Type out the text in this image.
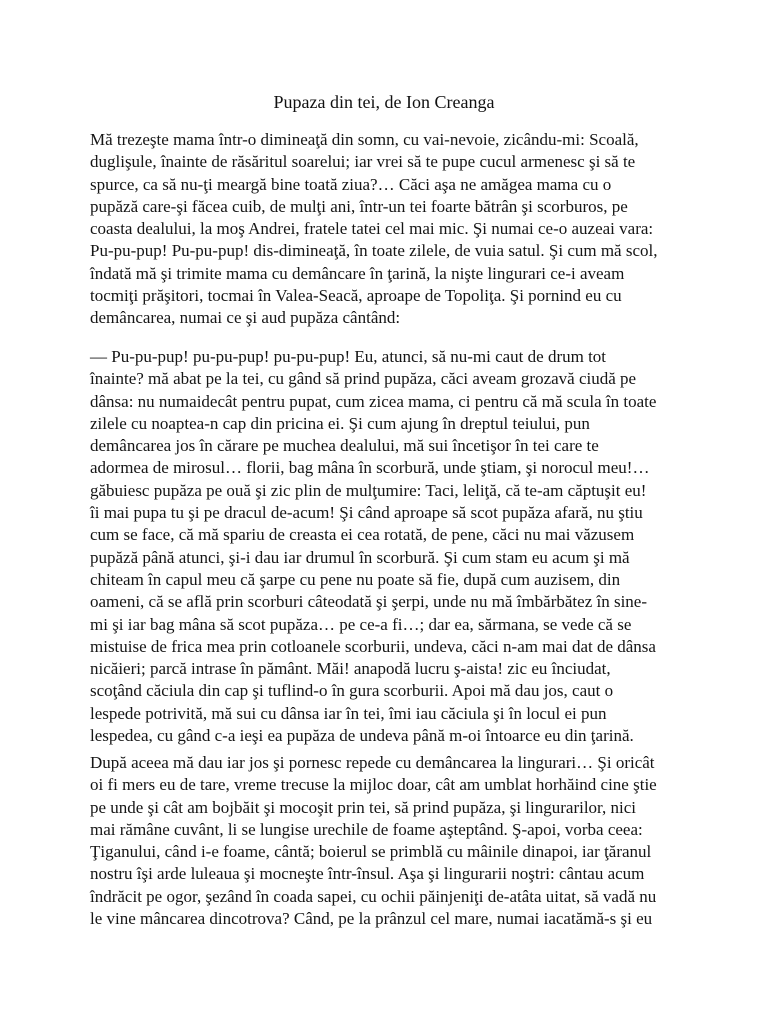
Pupaza din tei, de Ion Creanga
Mă trezeşte mama într-o dimineaţă din somn, cu vai-nevoie, zicându-mi: Scoală,
duglişule, înainte de răsăritul soarelui; iar vrei să te pupe cucul armenesc şi să te
spurce, ca să nu-ţi meargă bine toată ziua?… Căci aşa ne amăgea mama cu o
pupăză care-şi făcea cuib, de mulţi ani, într-un tei foarte bătrân şi scorburos, pe
coasta dealului, la moş Andrei, fratele tatei cel mai mic. Şi numai ce-o auzeai vara:
Pu-pu-pup! Pu-pu-pup! dis-dimineaţă, în toate zilele, de vuia satul. Şi cum mă scol,
îndată mă şi trimite mama cu demâncare în ţarină, la nişte lingurari ce-i aveam
tocmiţi prăşitori, tocmai în Valea-Seacă, aproape de Topoliţa. Şi pornind eu cu
demâncarea, numai ce şi aud pupăza cântând:
— Pu-pu-pup! pu-pu-pup! pu-pu-pup! Eu, atunci, să nu-mi caut de drum tot
înainte? mă abat pe la tei, cu gând să prind pupăza, căci aveam grozavă ciudă pe
dânsa: nu numaidecât pentru pupat, cum zicea mama, ci pentru că mă scula în toate
zilele cu noaptea-n cap din pricina ei. Şi cum ajung în dreptul teiului, pun
demâncarea jos în cărare pe muchea dealului, mă sui încetişor în tei care te
adormea de mirosul… florii, bag mâna în scorbură, unde ştiam, şi norocul meu!…
găbuiesc pupăza pe ouă şi zic plin de mulţumire: Taci, leliţă, că te-am căptuşit eu!
îi mai pupa tu şi pe dracul de-acum! Şi când aproape să scot pupăza afară, nu ştiu
cum se face, că mă spariu de creasta ei cea rotată, de pene, căci nu mai văzusem
pupăză până atunci, şi-i dau iar drumul în scorbură. Şi cum stam eu acum şi mă
chiteam în capul meu că şarpe cu pene nu poate să fie, după cum auzisem, din
oameni, că se află prin scorburi câteodată şi şerpi, unde nu mă îmbărbătez în sine-
mi şi iar bag mâna să scot pupăza… pe ce-a fi…; dar ea, sărmana, se vede că se
mistuise de frica mea prin cotloanele scorburii, undeva, căci n-am mai dat de dânsa
nicăieri; parcă intrase în pământ. Măi! anapodă lucru ş-aista! zic eu înciudat,
scoţând căciula din cap şi tuflind-o în gura scorburii. Apoi mă dau jos, caut o
lespede potrivită, mă sui cu dânsa iar în tei, îmi iau căciula şi în locul ei pun
lespedea, cu gând c-a ieşi ea pupăza de undeva până m-oi întoarce eu din ţarină.
După aceea mă dau iar jos şi pornesc repede cu demâncarea la lingurari… Şi oricât
oi fi mers eu de tare, vreme trecuse la mijloc doar, cât am umblat horhăind cine ştie
pe unde şi cât am bojbăit şi mocoşit prin tei, să prind pupăza, şi lingurarilor, nici
mai rămâne cuvânt, li se lungise urechile de foame aşteptând. Ş-apoi, vorba ceea:
Ţiganului, când i-e foame, cântă; boierul se primblă cu mâinile dinapoi, iar ţăranul
nostru îşi arde luleaua şi mocneşte într-însul. Aşa şi lingurarii noştri: cântau acum
îndrăcit pe ogor, şezând în coada sapei, cu ochii păinjeniţi de-atâta uitat, să vadă nu
le vine mâncarea dincotrova? Când, pe la prânzul cel mare, numai iacatămă-s şi eu
